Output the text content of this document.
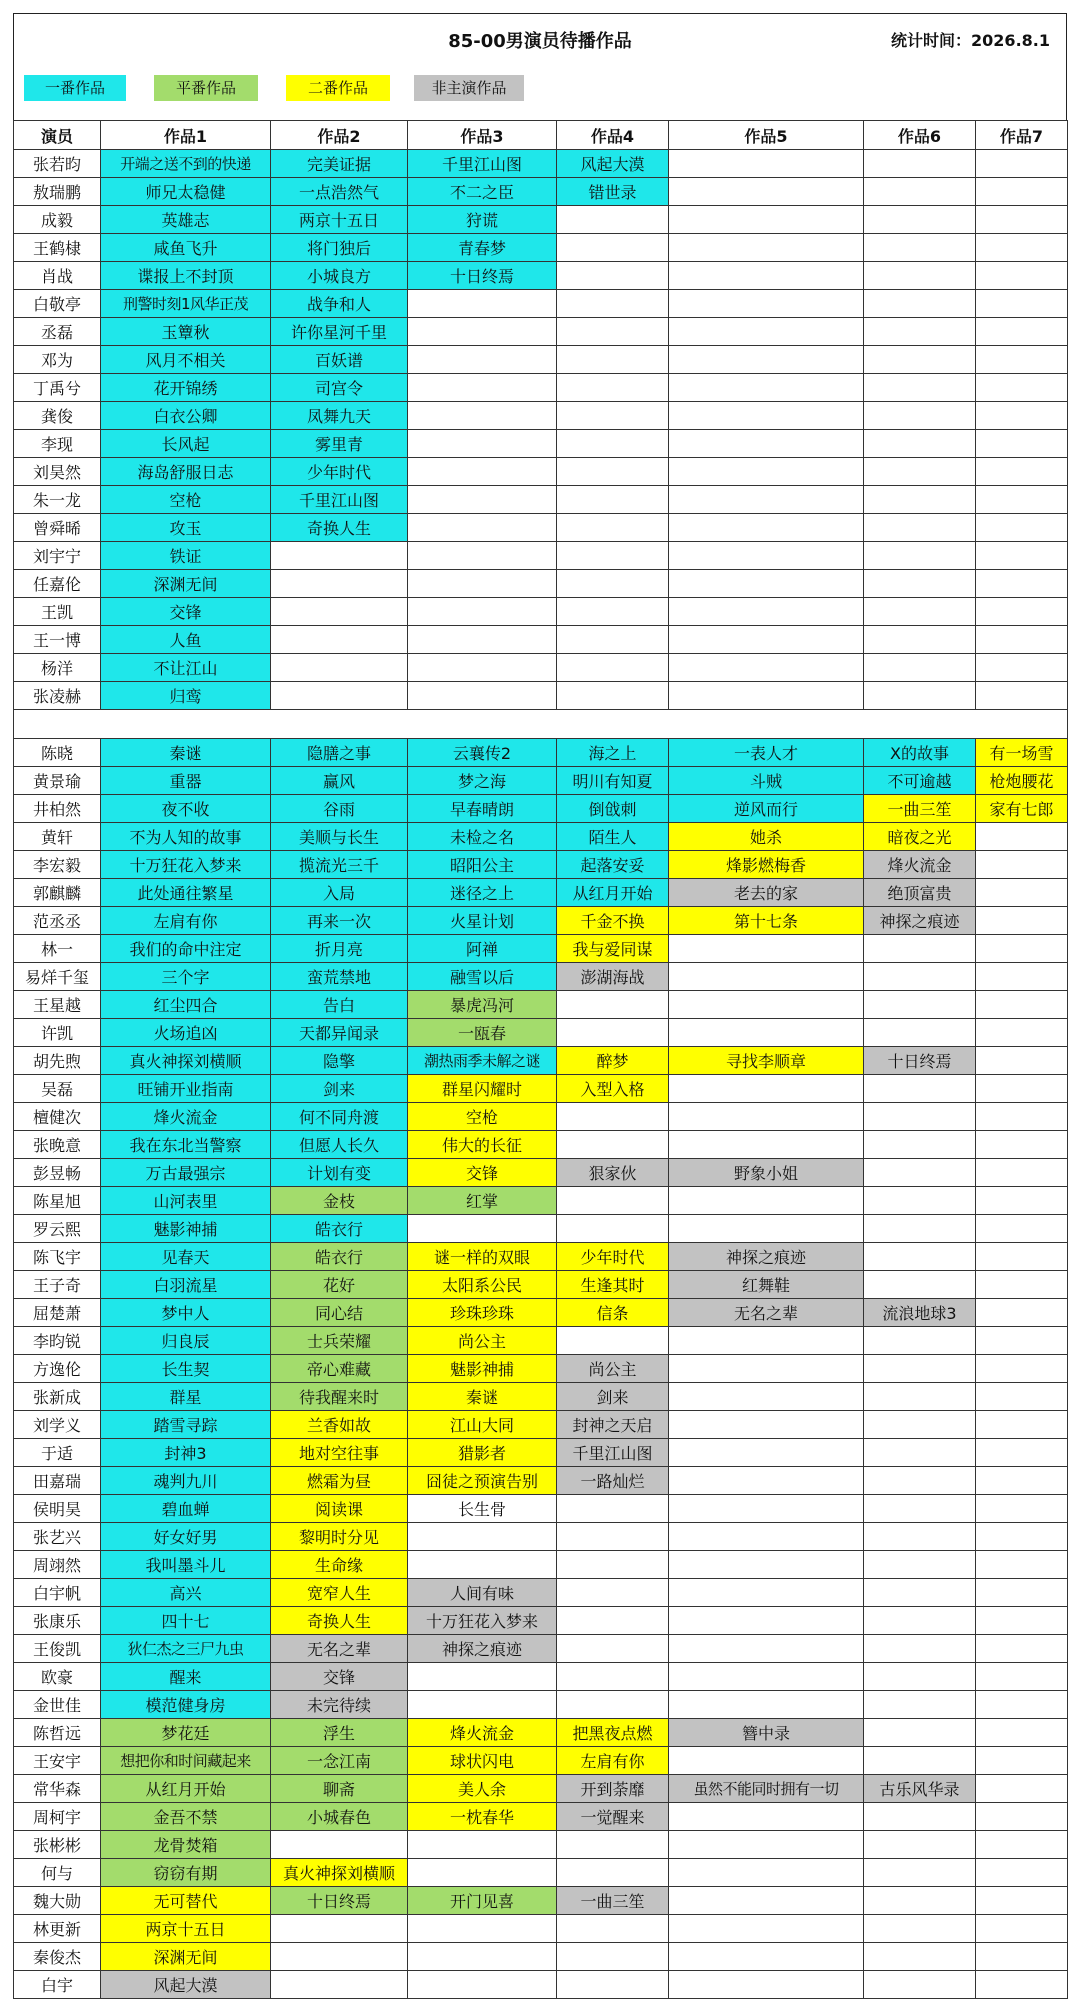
85-00男演员待播作品	统计时间：2026.8.1
一番作品	平番作品	二番作品	非主演作品
演员	作品1	作品2	作品3	作品4	作品5	作品6	作品7
张若昀	开端之送不到的快递	完美证据	千里江山图	风起大漠			
敖瑞鹏	师兄太稳健	一点浩然气	不二之臣	错世录			
成毅	英雄志	两京十五日	狩谎				
王鹤棣	咸鱼飞升	将门独后	青春梦				
肖战	谍报上不封顶	小城良方	十日终焉				
白敬亭	刑警时刻1风华正茂	战争和人					
丞磊	玉簟秋	许你星河千里					
邓为	风月不相关	百妖谱					
丁禹兮	花开锦绣	司宫令					
龚俊	白衣公卿	凤舞九天					
李现	长风起	雾里青					
刘昊然	海岛舒服日志	少年时代					
朱一龙	空枪	千里江山图					
曾舜晞	攻玉	奇换人生					
刘宇宁	铁证						
任嘉伦	深渊无间						
王凯	交锋						
王一博	人鱼						
杨洋	不让江山						
张凌赫	归鸾						

陈晓	秦谜	隐膳之事	云襄传2	海之上	一表人才	X的故事	有一场雪
黄景瑜	重器	赢风	梦之海	明川有知夏	斗贼	不可逾越	枪炮腰花
井柏然	夜不收	谷雨	早春晴朗	倒戗刺	逆风而行	一曲三笙	家有七郎
黄轩	不为人知的故事	美顺与长生	未检之名	陌生人	她杀	暗夜之光	
李宏毅	十万狂花入梦来	揽流光三千	昭阳公主	起落安妥	烽影燃梅香	烽火流金	
郭麒麟	此处通往繁星	入局	迷径之上	从红月开始	老去的家	绝顶富贵	
范丞丞	左肩有你	再来一次	火星计划	千金不换	第十七条	神探之痕迹	
林一	我们的命中注定	折月亮	阿禅	我与爱同谋			
易烊千玺	三个字	蛮荒禁地	融雪以后	澎湖海战			
王星越	红尘四合	告白	暴虎冯河				
许凯	火场追凶	天都异闻录	一瓯春				
胡先煦	真火神探刘横顺	隐擎	潮热雨季未解之谜	醉梦	寻找李顺章	十日终焉	
吴磊	旺铺开业指南	剑来	群星闪耀时	入型入格			
檀健次	烽火流金	何不同舟渡	空枪				
张晚意	我在东北当警察	但愿人长久	伟大的长征				
彭昱畅	万古最强宗	计划有变	交锋	狠家伙	野象小姐		
陈星旭	山河表里	金枝	红掌				
罗云熙	魅影神捕	皓衣行					
陈飞宇	见春天	皓衣行	谜一样的双眼	少年时代	神探之痕迹		
王子奇	白羽流星	花好	太阳系公民	生逢其时	红舞鞋		
屈楚萧	梦中人	同心结	珍珠珍珠	信条	无名之辈	流浪地球3	
李昀锐	归良辰	士兵荣耀	尚公主				
方逸伦	长生契	帝心难藏	魅影神捕	尚公主			
张新成	群星	待我醒来时	秦谜	剑来			
刘学义	踏雪寻踪	兰香如故	江山大同	封神之天启			
于适	封神3	地对空往事	猎影者	千里江山图			
田嘉瑞	魂判九川	燃霜为昼	囧徒之预演告别	一路灿烂			
侯明昊	碧血蝉	阅读课	长生骨				
张艺兴	好女好男	黎明时分见					
周翊然	我叫墨斗儿	生命缘					
白宇帆	高兴	宽窄人生	人间有味				
张康乐	四十七	奇换人生	十万狂花入梦来				
王俊凯	狄仁杰之三尸九虫	无名之辈	神探之痕迹				
欧豪	醒来	交锋					
金世佳	模范健身房	未完待续					
陈哲远	梦花廷	浮生	烽火流金	把黑夜点燃	簪中录		
王安宇	想把你和时间藏起来	一念江南	球状闪电	左肩有你			
常华森	从红月开始	聊斋	美人余	开到荼靡	虽然不能同时拥有一切	古乐风华录	
周柯宇	金吾不禁	小城春色	一枕春华	一觉醒来			
张彬彬	龙骨焚箱						
何与	窃窃有期	真火神探刘横顺					
魏大勋	无可替代	十日终焉	开门见喜	一曲三笙			
林更新	两京十五日						
秦俊杰	深渊无间						
白宇	风起大漠						
